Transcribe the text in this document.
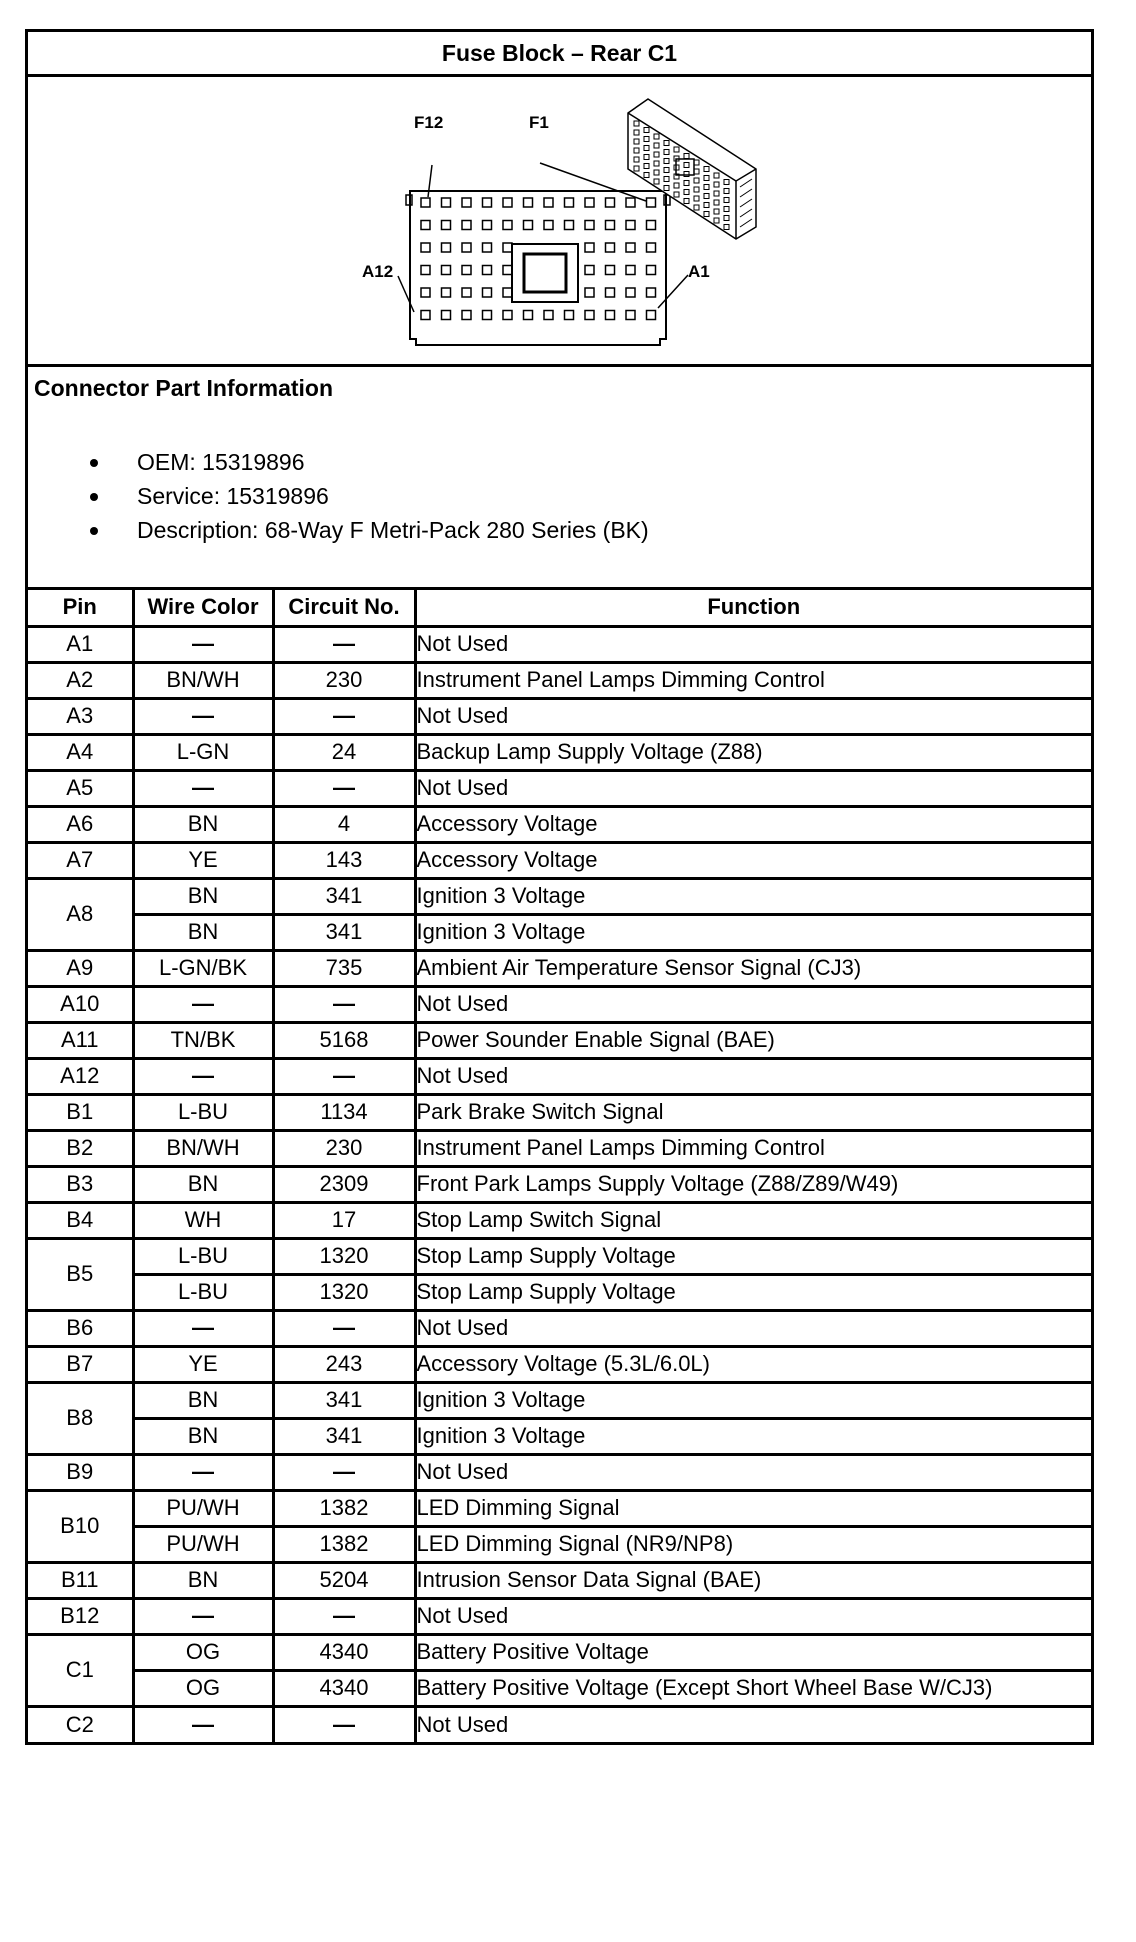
Fuse Block – Rear C1
F12	F1
A12	A1
Connector Part Information
OEM: 15319896
Service: 15319896
Description: 68-Way F Metri-Pack 280 Series (BK)
Pin	Wire Color	Circuit No.	Function
A1	—	—	Not Used
A2	BN/WH	230	Instrument Panel Lamps Dimming Control
A3	—	—	Not Used
A4	L-GN	24	Backup Lamp Supply Voltage (Z88)
A5	—	—	Not Used
A6	BN	4	Accessory Voltage
A7	YE	143	Accessory Voltage
A8	BN	341	Ignition 3 Voltage
	BN	341	Ignition 3 Voltage
A9	L-GN/BK	735	Ambient Air Temperature Sensor Signal (CJ3)
A10	—	—	Not Used
A11	TN/BK	5168	Power Sounder Enable Signal (BAE)
A12	—	—	Not Used
B1	L-BU	1134	Park Brake Switch Signal
B2	BN/WH	230	Instrument Panel Lamps Dimming Control
B3	BN	2309	Front Park Lamps Supply Voltage (Z88/Z89/W49)
B4	WH	17	Stop Lamp Switch Signal
B5	L-BU	1320	Stop Lamp Supply Voltage
	L-BU	1320	Stop Lamp Supply Voltage
B6	—	—	Not Used
B7	YE	243	Accessory Voltage (5.3L/6.0L)
B8	BN	341	Ignition 3 Voltage
	BN	341	Ignition 3 Voltage
B9	—	—	Not Used
B10	PU/WH	1382	LED Dimming Signal
	PU/WH	1382	LED Dimming Signal (NR9/NP8)
B11	BN	5204	Intrusion Sensor Data Signal (BAE)
B12	—	—	Not Used
C1	OG	4340	Battery Positive Voltage
	OG	4340	Battery Positive Voltage (Except Short Wheel Base W/CJ3)
C2	—	—	Not Used
